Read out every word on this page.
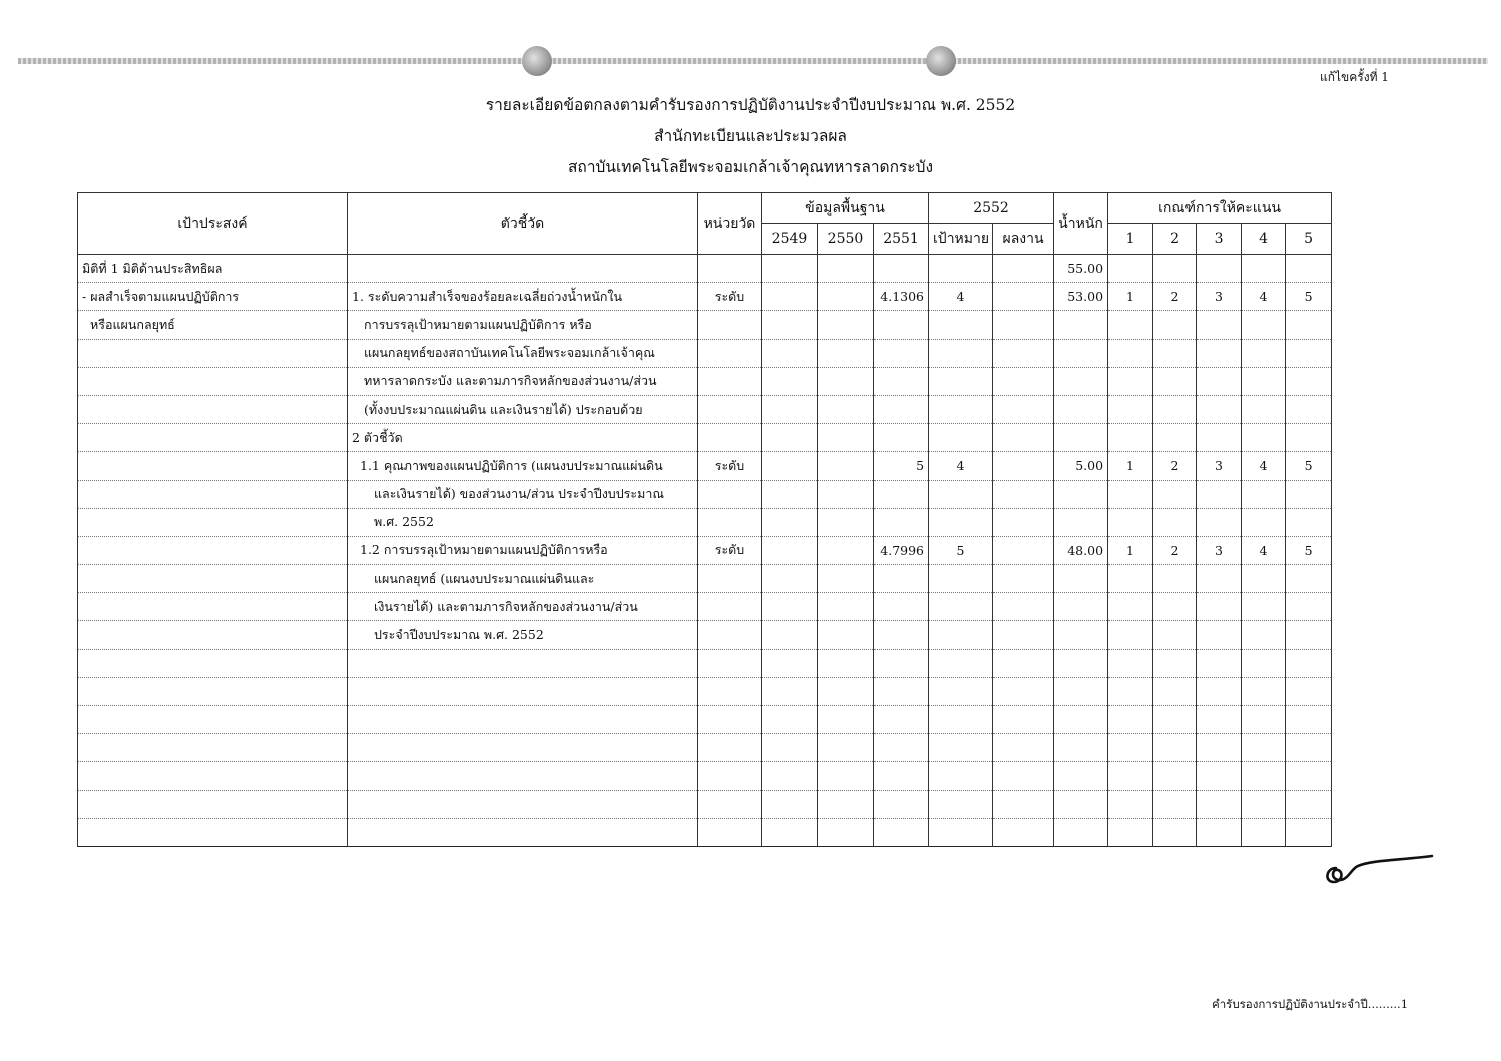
แก้ไขครั้งที่ 1
รายละเอียดข้อตกลงตามคำรับรองการปฏิบัติงานประจำปีงบประมาณ พ.ศ. 2552
สำนักทะเบียนและประมวลผล
สถาบันเทคโนโลยีพระจอมเกล้าเจ้าคุณทหารลาดกระบัง
เป้าประสงค์	ตัวชี้วัด	หน่วยวัด	ข้อมูลพื้นฐาน			2552		น้ำหนัก	เกณฑ์การให้คะแนน				
			2549	2550	2551	เป้าหมาย	ผลงาน		1	2	3	4	5
มิติที่ 1 มิติด้านประสิทธิผล								55.00					
- ผลสำเร็จตามแผนปฏิบัติการ	1. ระดับความสำเร็จของร้อยละเฉลี่ยถ่วงน้ำหนักใน	ระดับ			4.1306	4		53.00	1	2	3	4	5
หรือแผนกลยุทธ์	การบรรลุเป้าหมายตามแผนปฏิบัติการ หรือ												
	แผนกลยุทธ์ของสถาบันเทคโนโลยีพระจอมเกล้าเจ้าคุณ												
	ทหารลาดกระบัง และตามภารกิจหลักของส่วนงาน/ส่วน												
	(ทั้งงบประมาณแผ่นดิน และเงินรายได้) ประกอบด้วย												
	2 ตัวชี้วัด												
	1.1 คุณภาพของแผนปฏิบัติการ (แผนงบประมาณแผ่นดิน	ระดับ			5	4		5.00	1	2	3	4	5
	และเงินรายได้) ของส่วนงาน/ส่วน ประจำปีงบประมาณ												
	พ.ศ. 2552												
	1.2 การบรรลุเป้าหมายตามแผนปฏิบัติการหรือ	ระดับ			4.7996	5		48.00	1	2	3	4	5
	แผนกลยุทธ์ (แผนงบประมาณแผ่นดินและ												
	เงินรายได้) และตามภารกิจหลักของส่วนงาน/ส่วน												
	ประจำปีงบประมาณ พ.ศ. 2552												

คำรับรองการปฏิบัติงานประจำปี.........1
